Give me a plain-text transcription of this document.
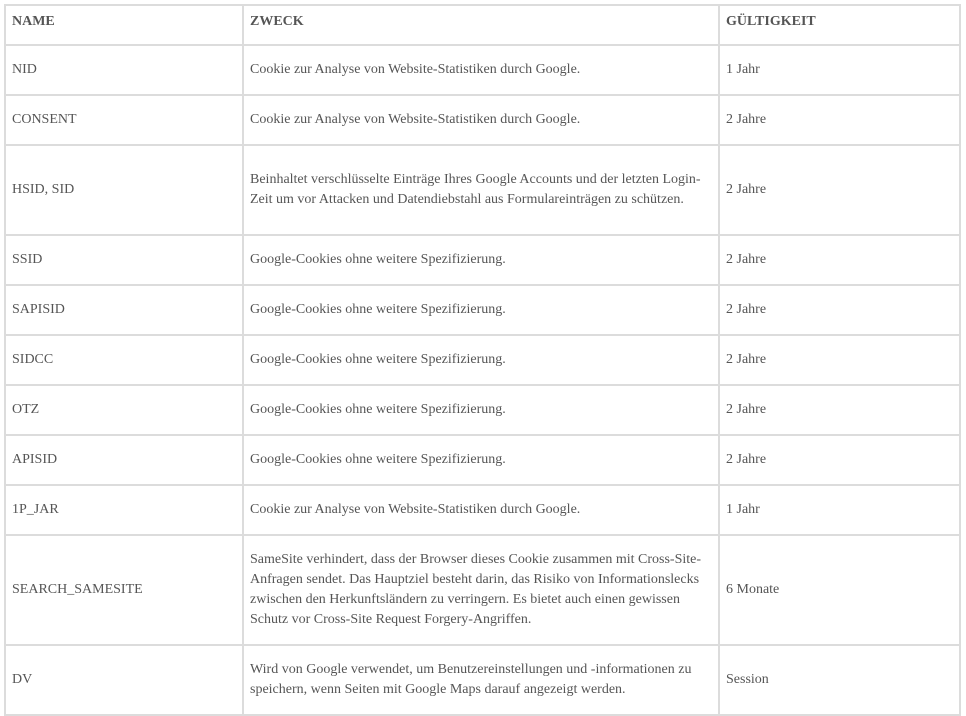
NAME	ZWECK	GÜLTIGKEIT
NID	Cookie zur Analyse von Website-Statistiken durch Google.	1 Jahr
CONSENT	Cookie zur Analyse von Website-Statistiken durch Google.	2 Jahre
HSID, SID	Beinhaltet verschlüsselte Einträge Ihres Google Accounts und der letzten Login-Zeit um vor Attacken und Datendiebstahl aus Formulareinträgen zu schützen.	2 Jahre
SSID	Google-Cookies ohne weitere Spezifizierung.	2 Jahre
SAPISID	Google-Cookies ohne weitere Spezifizierung.	2 Jahre
SIDCC	Google-Cookies ohne weitere Spezifizierung.	2 Jahre
OTZ	Google-Cookies ohne weitere Spezifizierung.	2 Jahre
APISID	Google-Cookies ohne weitere Spezifizierung.	2 Jahre
1P_JAR	Cookie zur Analyse von Website-Statistiken durch Google.	1 Jahr
SEARCH_SAMESITE	SameSite verhindert, dass der Browser dieses Cookie zusammen mit Cross-Site-Anfragen sendet. Das Hauptziel besteht darin, das Risiko von Informationslecks zwischen den Herkunftsländern zu verringern. Es bietet auch einen gewissen Schutz vor Cross-Site Request Forgery-Angriffen.	6 Monate
DV	Wird von Google verwendet, um Benutzereinstellungen und -informationen zu speichern, wenn Seiten mit Google Maps darauf angezeigt werden.	Session
